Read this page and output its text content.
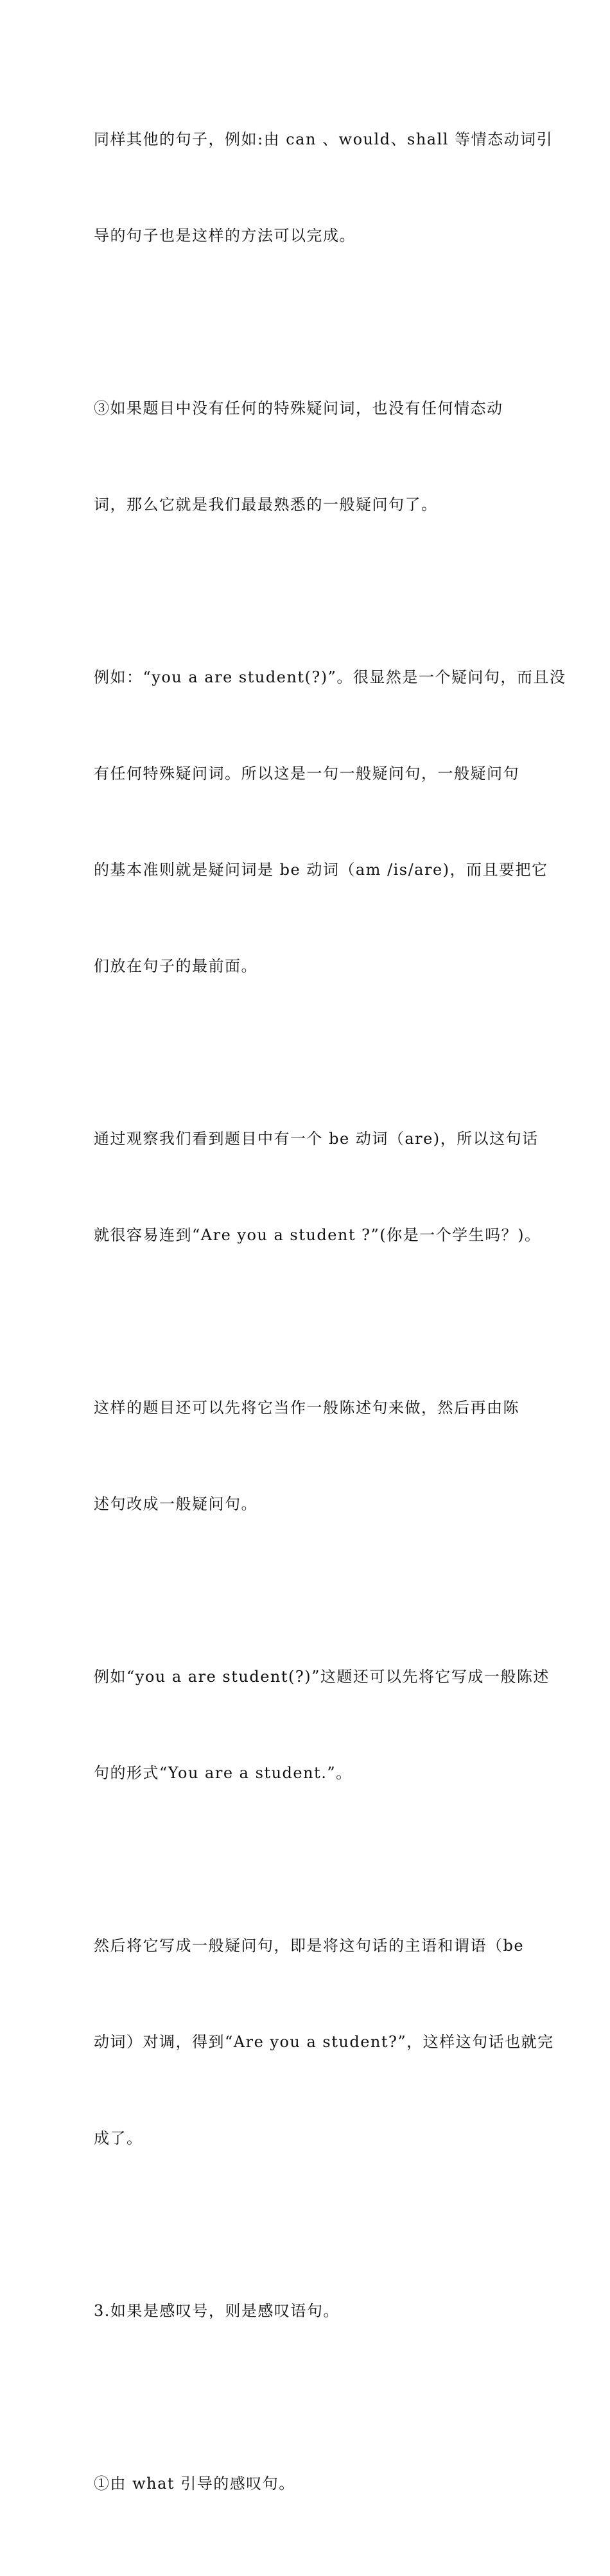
同样其他的句子，例如:由 can 、would、shall 等情态动词引

导的句子也是这样的方法可以完成。

③如果题目中没有任何的特殊疑问词，也没有任何情态动

词，那么它就是我们最最熟悉的一般疑问句了。

例如：“you a are student(?)”。很显然是一个疑问句，而且没

有任何特殊疑问词。所以这是一句一般疑问句，一般疑问句

的基本准则就是疑问词是 be 动词（am /is/are)，而且要把它

们放在句子的最前面。

通过观察我们看到题目中有一个 be 动词（are)，所以这句话

就很容易连到“Are you a student ?”(你是一个学生吗？)。

这样的题目还可以先将它当作一般陈述句来做，然后再由陈

述句改成一般疑问句。

例如“you a are student(?)”这题还可以先将它写成一般陈述

句的形式“You are a student.”。

然后将它写成一般疑问句，即是将这句话的主语和谓语（be

动词）对调，得到“Are you a student?”，这样这句话也就完

成了。

3.如果是感叹号，则是感叹语句。

①由 what 引导的感叹句。
